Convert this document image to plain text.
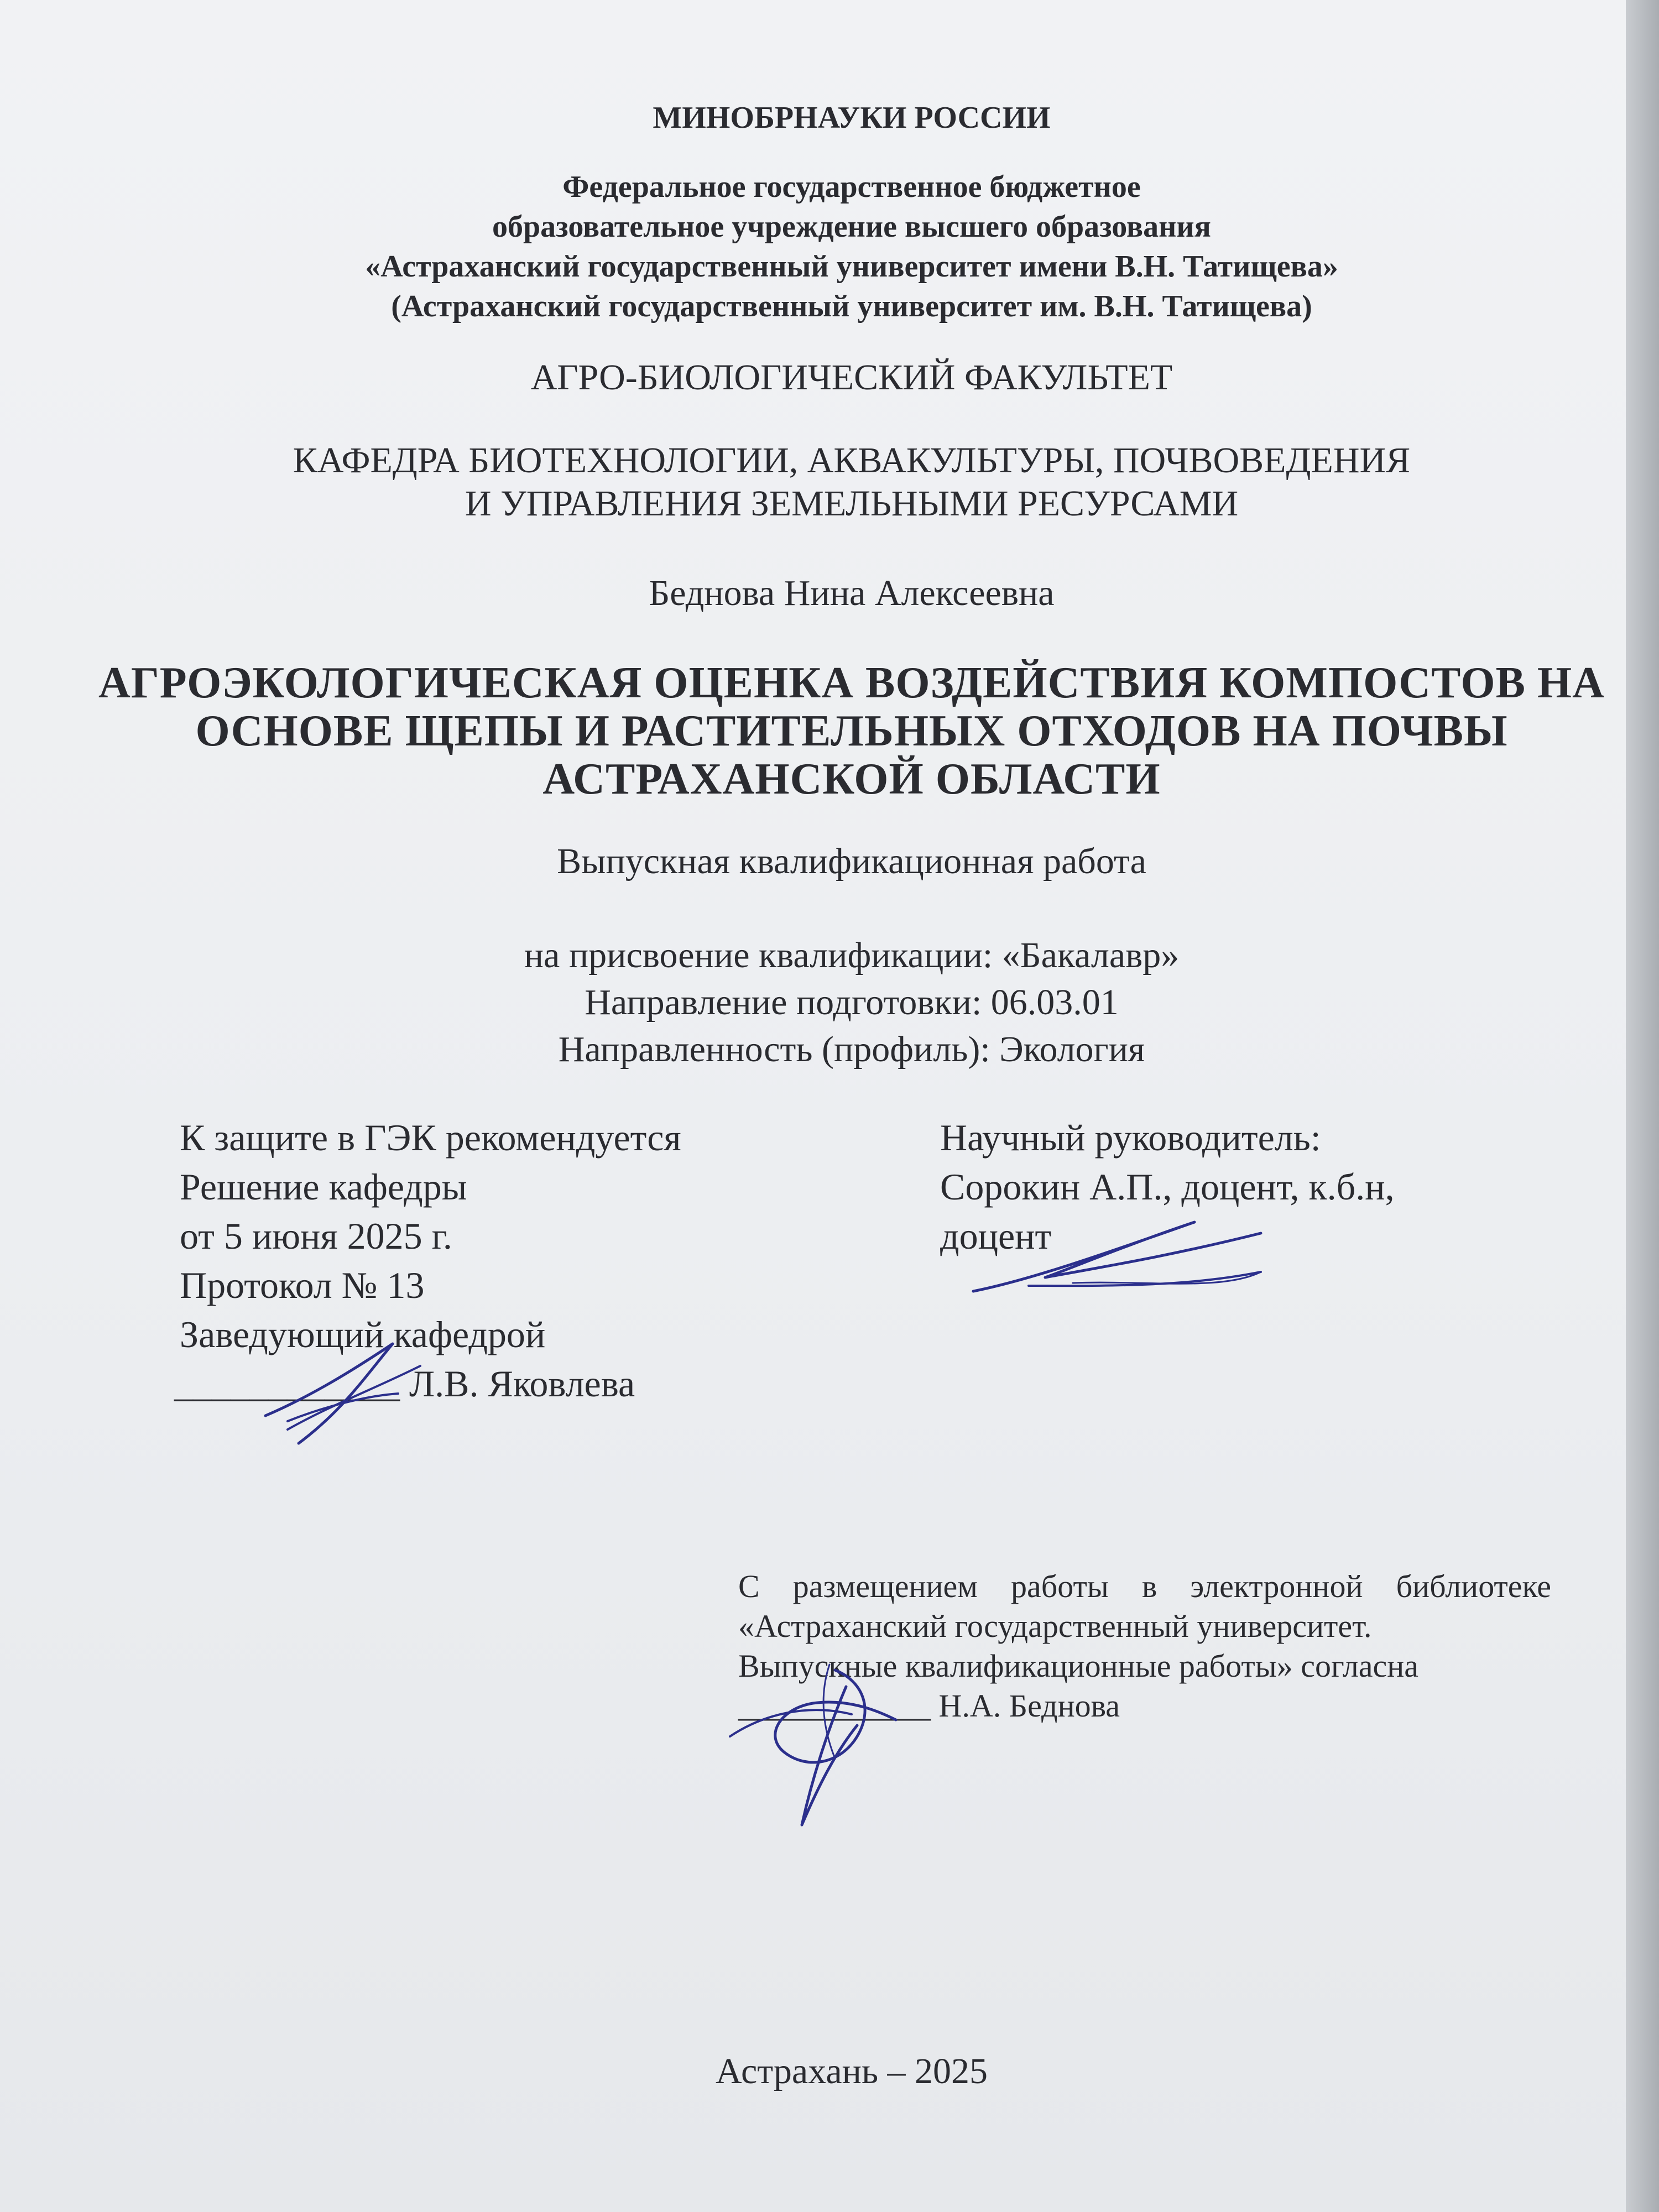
МИНОБРНАУКИ РОССИИ
Федеральное государственное бюджетное
образовательное учреждение высшего образования
«Астраханский государственный университет имени В.Н. Татищева»
(Астраханский государственный университет им. В.Н. Татищева)
АГРО-БИОЛОГИЧЕСКИЙ ФАКУЛЬТЕТ
КАФЕДРА БИОТЕХНОЛОГИИ, АКВАКУЛЬТУРЫ, ПОЧВОВЕДЕНИЯ
И УПРАВЛЕНИЯ ЗЕМЕЛЬНЫМИ РЕСУРСАМИ
Беднова Нина Алексеевна
АГРОЭКОЛОГИЧЕСКАЯ ОЦЕНКА ВОЗДЕЙСТВИЯ КОМПОСТОВ НА
ОСНОВЕ ЩЕПЫ И РАСТИТЕЛЬНЫХ ОТХОДОВ НА ПОЧВЫ
АСТРАХАНСКОЙ ОБЛАСТИ
Выпускная квалификационная работа
на присвоение квалификации: «Бакалавр»
Направление подготовки: 06.03.01
Направленность (профиль): Экология
К защите в ГЭК рекомендуется
Решение кафедры
от 5 июня 2025 г.
Протокол № 13
Заведующий кафедрой
____________ Л.В. Яковлева
Научный руководитель:
Сорокин А.П., доцент, к.б.н,
доцент
С размещением работы в электронной библиотеке
«Астраханский государственный университет.
Выпускные квалификационные работы» согласна
____________ Н.А. Беднова
Астрахань – 2025
